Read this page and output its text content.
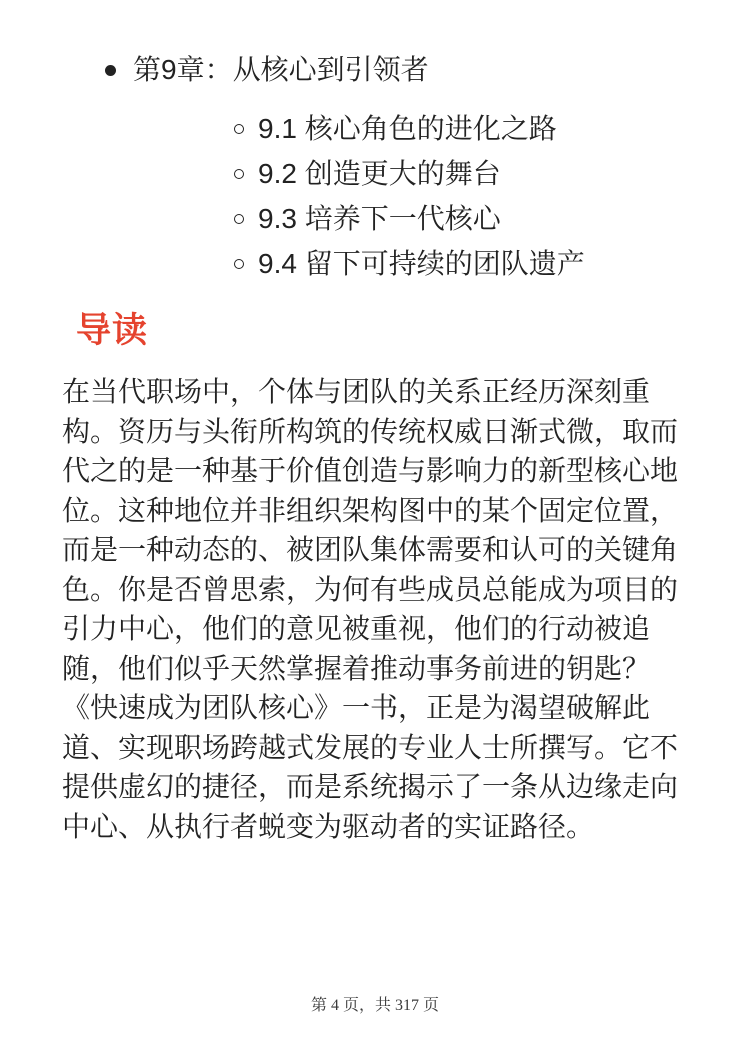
第9章：从核心到引领者
9.1 核心角色的进化之路
9.2 创造更大的舞台
9.3 培养下一代核心
9.4 留下可持续的团队遗产
导读

在当代职场中，个体与团队的关系正经历深刻重构。资历与头衔所构筑的传统权威日渐式微，取而代之的是一种基于价值创造与影响力的新型核心地位。这种地位并非组织架构图中的某个固定位置，而是一种动态的、被团队集体需要和认可的关键角色。你是否曾思索，为何有些成员总能成为项目的引力中心，他们的意见被重视，他们的行动被追随，他们似乎天然掌握着推动事务前进的钥匙？《快速成为团队核心》一书，正是为渴望破解此道、实现职场跨越式发展的专业人士所撰写。它不提供虚幻的捷径，而是系统揭示了一条从边缘走向中心、从执行者蜕变为驱动者的实证路径。

第 4 页，共 317 页
